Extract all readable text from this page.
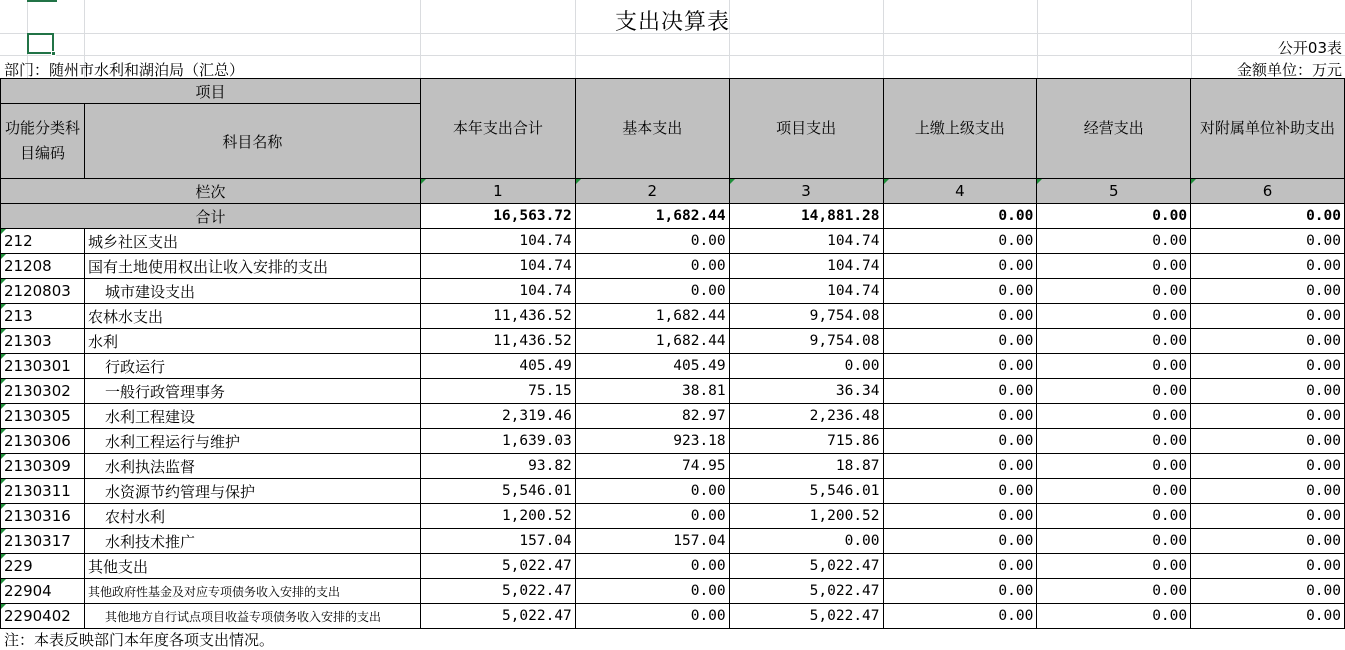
支出决算表
公开03表
部门：随州市水利和湖泊局（汇总）	金额单位：万元
项目		本年支出合计	基本支出	项目支出	上缴上级支出	经营支出	对附属单位补助支出
功能分类科目编码	科目名称						
栏次		1	2	3	4	5	6
合计		16,563.72	1,682.44	14,881.28	0.00	0.00	0.00
212	城乡社区支出	104.74	0.00	104.74	0.00	0.00	0.00
21208	国有土地使用权出让收入安排的支出	104.74	0.00	104.74	0.00	0.00	0.00
2120803	城市建设支出	104.74	0.00	104.74	0.00	0.00	0.00
213	农林水支出	11,436.52	1,682.44	9,754.08	0.00	0.00	0.00
21303	水利	11,436.52	1,682.44	9,754.08	0.00	0.00	0.00
2130301	行政运行	405.49	405.49	0.00	0.00	0.00	0.00
2130302	一般行政管理事务	75.15	38.81	36.34	0.00	0.00	0.00
2130305	水利工程建设	2,319.46	82.97	2,236.48	0.00	0.00	0.00
2130306	水利工程运行与维护	1,639.03	923.18	715.86	0.00	0.00	0.00
2130309	水利执法监督	93.82	74.95	18.87	0.00	0.00	0.00
2130311	水资源节约管理与保护	5,546.01	0.00	5,546.01	0.00	0.00	0.00
2130316	农村水利	1,200.52	0.00	1,200.52	0.00	0.00	0.00
2130317	水利技术推广	157.04	157.04	0.00	0.00	0.00	0.00
229	其他支出	5,022.47	0.00	5,022.47	0.00	0.00	0.00
22904	其他政府性基金及对应专项债务收入安排的支出	5,022.47	0.00	5,022.47	0.00	0.00	0.00
2290402	其他地方自行试点项目收益专项债务收入安排的支出	5,022.47	0.00	5,022.47	0.00	0.00	0.00
注：本表反映部门本年度各项支出情况。
